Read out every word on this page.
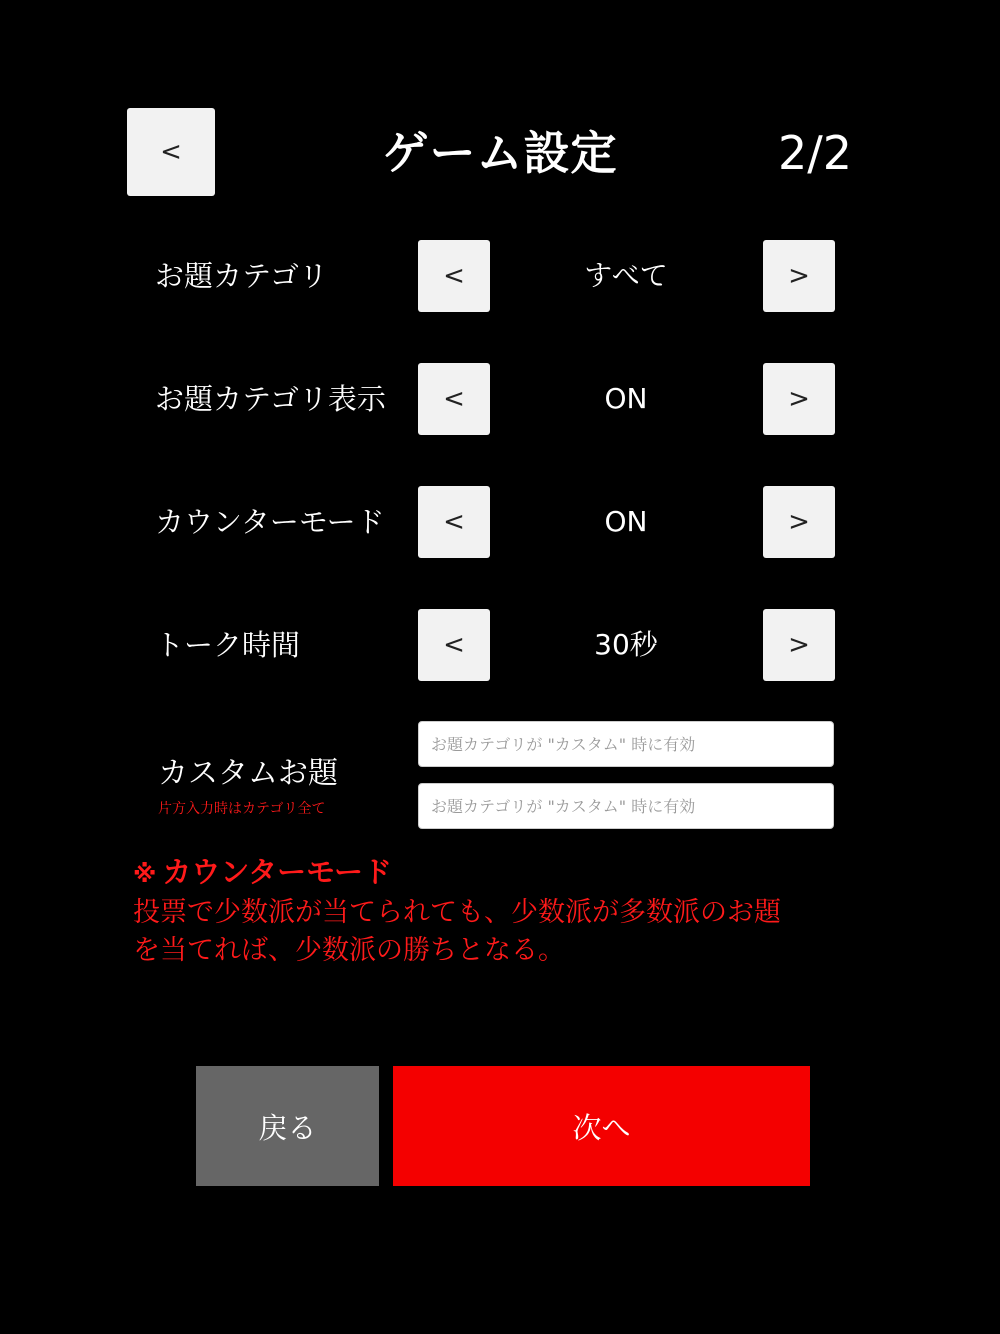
<	ゲーム設定	2/2
お題カテゴリ	<	すべて	>
お題カテゴリ表示	<	ON	>
カウンターモード	<	ON	>
トーク時間	<	30秒	>
カスタムお題
片方入力時はカテゴリ全て
お題カテゴリが "カスタム" 時に有効
お題カテゴリが "カスタム" 時に有効
※ カウンターモード
投票で少数派が当てられても、少数派が多数派のお題
を当てれば、少数派の勝ちとなる。
戻る	次へ
